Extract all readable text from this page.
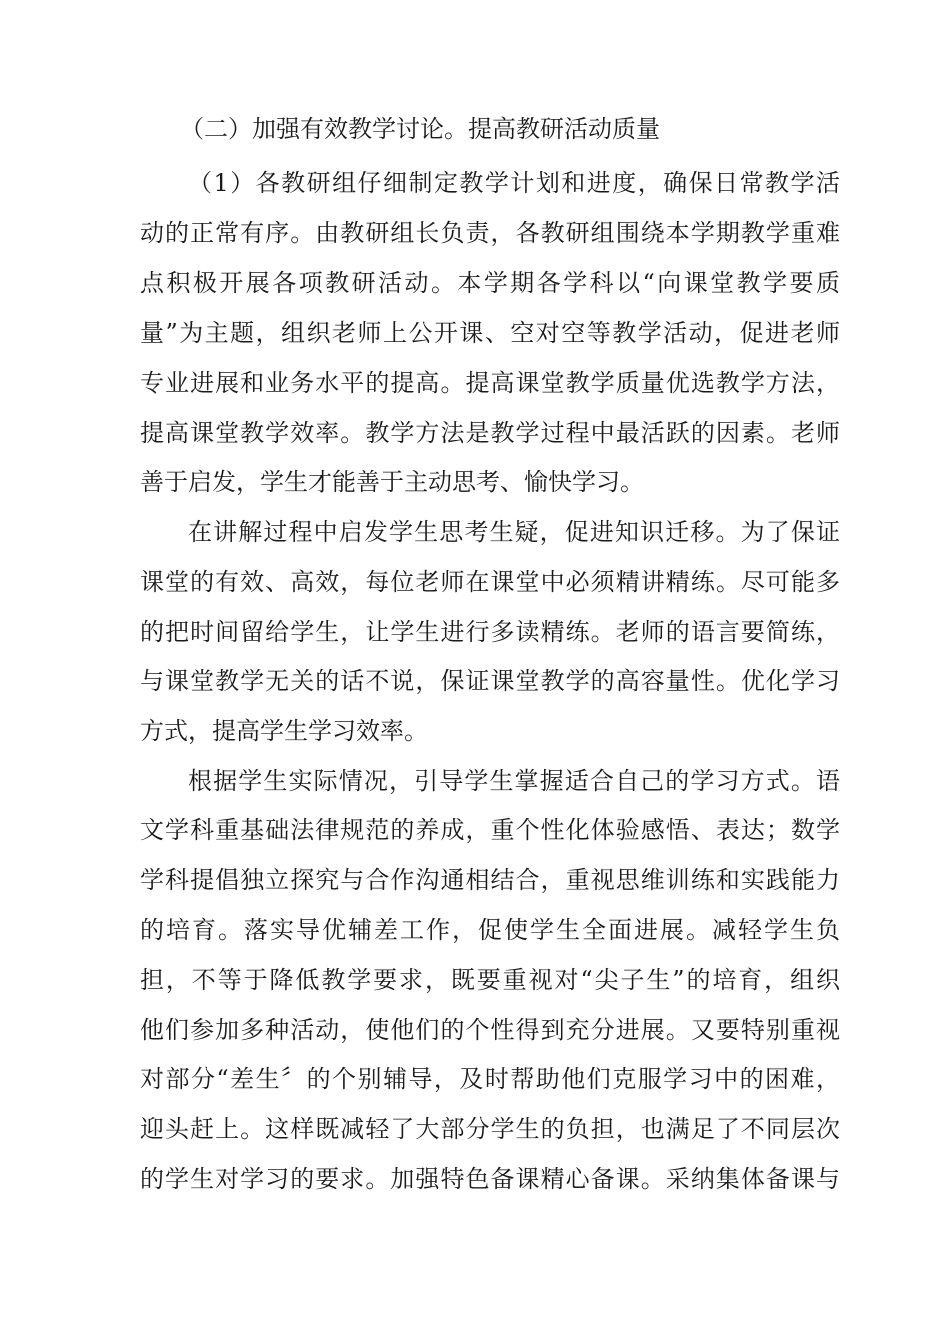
（二）加强有效教学讨论。提高教研活动质量
（1）各教研组仔细制定教学计划和进度，确保日常教学活
动的正常有序。由教研组长负责，各教研组围绕本学期教学重难
点积极开展各项教研活动。本学期各学科以“向课堂教学要质
量”为主题，组织老师上公开课、空对空等教学活动，促进老师
专业进展和业务水平的提高。提高课堂教学质量优选教学方法，
提高课堂教学效率。教学方法是教学过程中最活跃的因素。老师
善于启发，学生才能善于主动思考、愉快学习。
在讲解过程中启发学生思考生疑，促进知识迁移。为了保证
课堂的有效、高效，每位老师在课堂中必须精讲精练。尽可能多
的把时间留给学生，让学生进行多读精练。老师的语言要简练，
与课堂教学无关的话不说，保证课堂教学的高容量性。优化学习
方式，提高学生学习效率。
根据学生实际情况，引导学生掌握适合自己的学习方式。语
文学科重基础法律规范的养成，重个性化体验感悟、表达；数学
学科提倡独立探究与合作沟通相结合，重视思维训练和实践能力
的培育。落实导优辅差工作，促使学生全面进展。减轻学生负
担，不等于降低教学要求，既要重视对“尖子生”的培育，组织
他们参加多种活动，使他们的个性得到充分进展。又要特别重视
对部分“差生〞的个别辅导，及时帮助他们克服学习中的困难，
迎头赶上。这样既减轻了大部分学生的负担，也满足了不同层次
的学生对学习的要求。加强特色备课精心备课。采纳集体备课与
